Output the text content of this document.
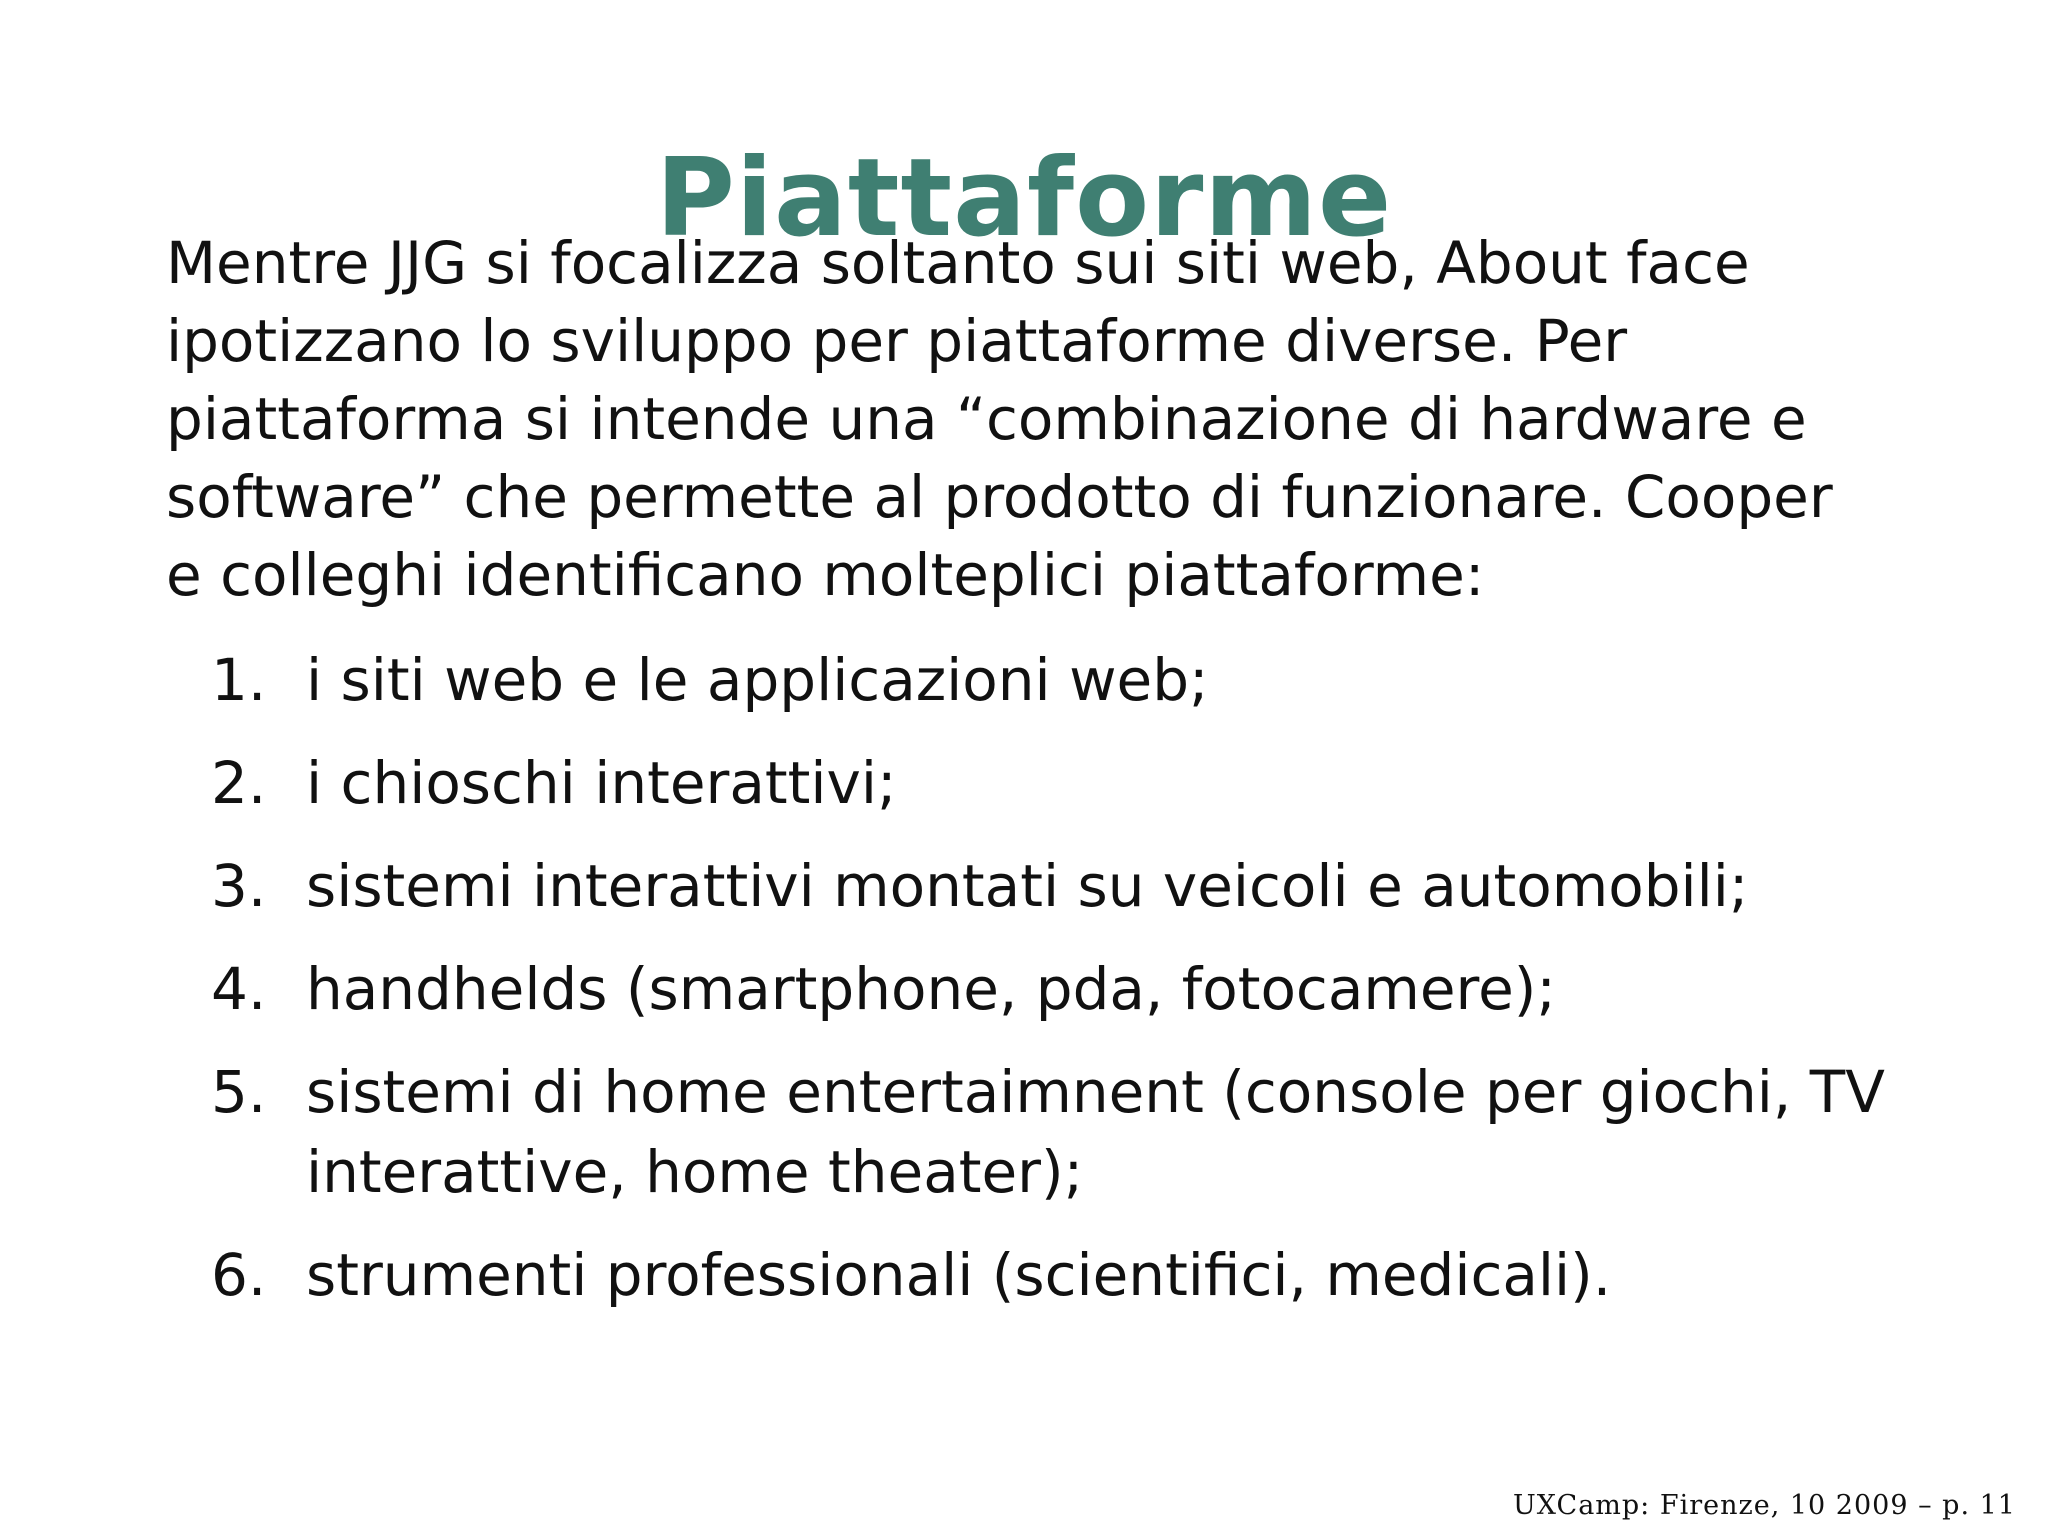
Piattaforme

Mentre JJG si focalizza soltanto sui siti web, About face ipotizzano lo sviluppo per piattaforme diverse. Per piattaforma si intende una “combinazione di hardware e software” che permette al prodotto di funzionare. Cooper e colleghi identificano molteplici piattaforme:

1. i siti web e le applicazioni web;
2. i chioschi interattivi;
3. sistemi interattivi montati su veicoli e automobili;
4. handhelds (smartphone, pda, fotocamere);
5. sistemi di home entertaimnent (console per giochi, TV interattive, home theater);
6. strumenti professionali (scientifici, medicali).
UXCamp: Firenze, 10 2009 – p. 11
